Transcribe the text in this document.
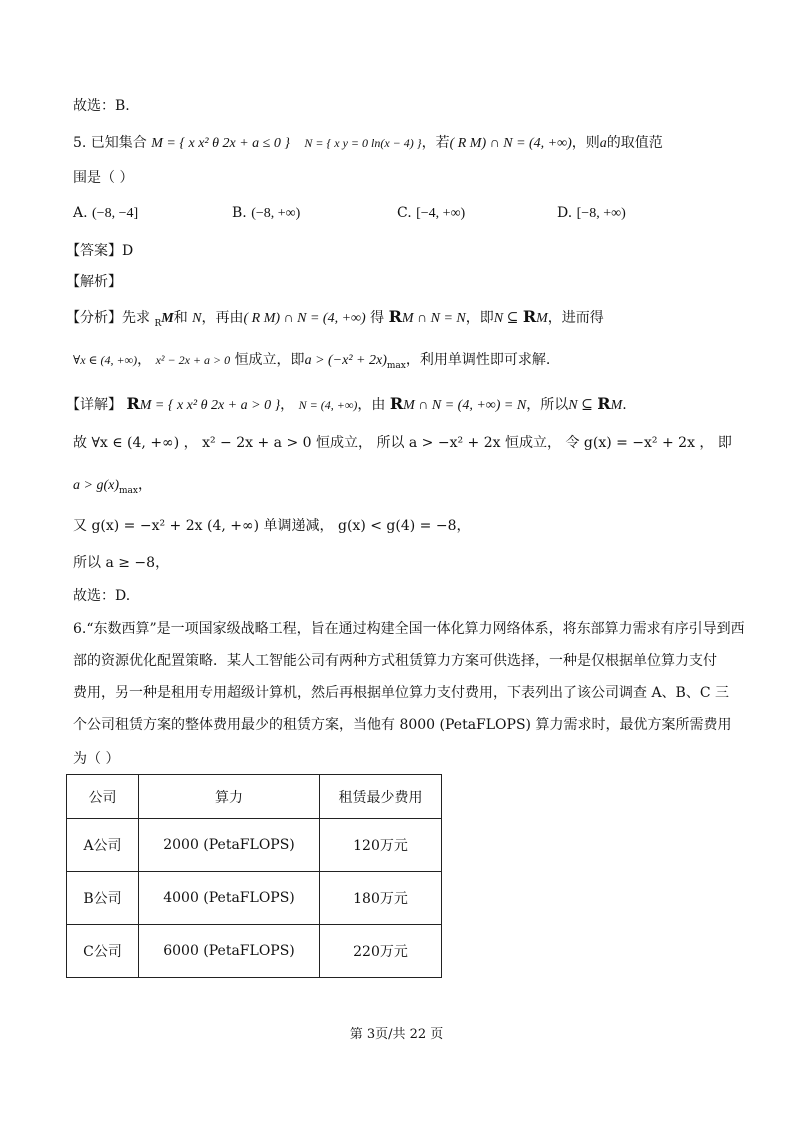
故选：B.
5. 已知集合 M = { x x² θ 2x + a ≤ 0 } N = { x y = 0 ln(x − 4) }，若( R M) ∩ N = (4, +∞)，则a的取值范
围是（ ）
A. (−8, −4]	B. (−8, +∞)	C. [−4, +∞)	D. [−8, +∞)
【答案】D
【解析】
【分析】先求 $_R$M和 N，再由( R M) ∩ N = (4, +∞) 得 RM ∩ N = N，即N ⊆ RM，进而得
∀x ∈ (4, +∞)， x² − 2x + a > 0 恒成立，即$a > (-x^2 + 2x)_{max}$，利用单调性即可求解.
【详解】 RM = { x x² θ 2x + a > 0 }， N = (4, +∞)，由 RM ∩ N = (4, +∞) = N，所以N ⊆ RM.
故 ∀x ∈ (4, +∞) ， x² − 2x + a > 0 恒成立， 所以 a > −x² + 2x 恒成立， 令 g(x) = −x² + 2x ， 即
$a > g(x)_{max}$，
又 g(x) = −x² + 2x (4, +∞) 单调递减， g(x) < g(4) = −8，
所以 a ≥ −8，
故选：D.
6.“东数西算”是一项国家级战略工程，旨在通过构建全国一体化算力网络体系，将东部算力需求有序引导到西
部的资源优化配置策略．某人工智能公司有两种方式租赁算力方案可供选择，一种是仅根据单位算力支付
费用，另一种是租用专用超级计算机，然后再根据单位算力支付费用，下表列出了该公司调查 A、B、C 三
个公司租赁方案的整体费用最少的租赁方案，当他有 8000 (PetaFLOPS) 算力需求时，最优方案所需费用
为（ ）
公司	算力	租赁最少费用
A公司	2000 (PetaFLOPS)	120万元
B公司	4000 (PetaFLOPS)	180万元
C公司	6000 (PetaFLOPS)	220万元
第 3页/共 22 页
